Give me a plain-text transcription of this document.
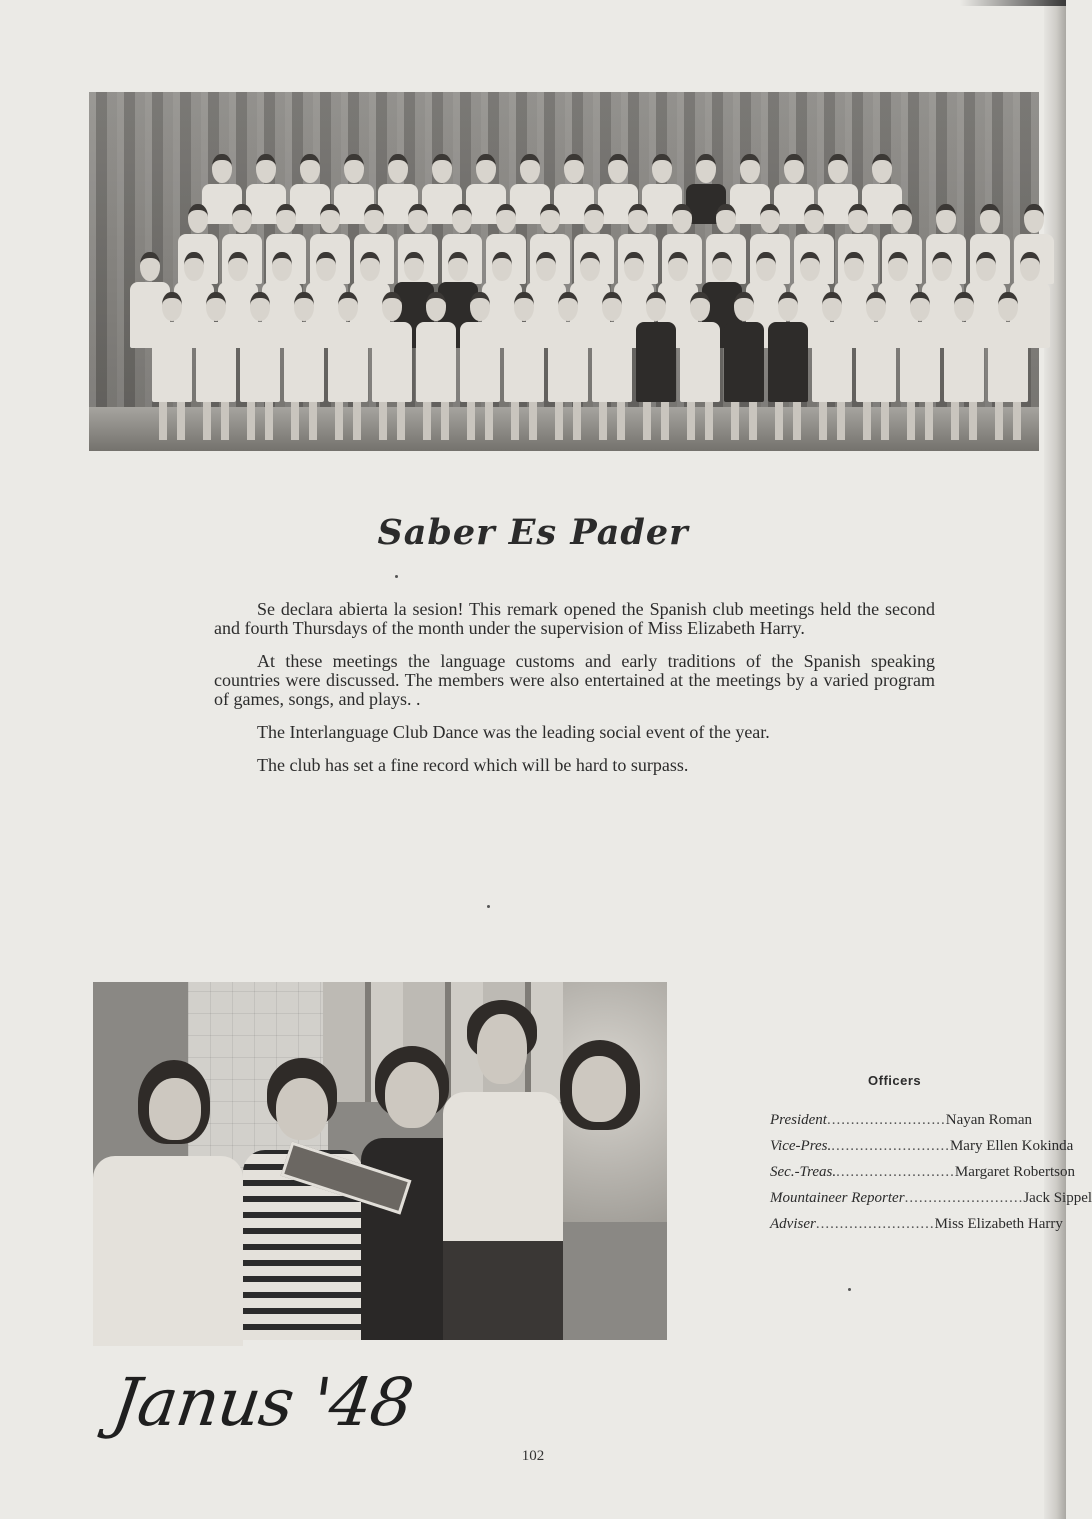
Saber Es Pader

Se declara abierta la sesion! This remark opened the Spanish club meetings held the second and fourth Thursdays of the month under the supervision of Miss Elizabeth Harry.

At these meetings the language customs and early traditions of the Spanish speaking countries were discussed. The members were also entertained at the meetings by a varied program of games, songs, and plays. .

The Interlanguage Club Dance was the leading social event of the year.

The club has set a fine record which will be hard to surpass.

Officers
President ......................... Nayan Roman
Vice-Pres. ......................... Mary Ellen Kokinda
Sec.-Treas. ......................... Margaret Robertson
Mountaineer Reporter ......................... Jack Sippel
Adviser ......................... Miss Elizabeth Harry
Janus '48
102
